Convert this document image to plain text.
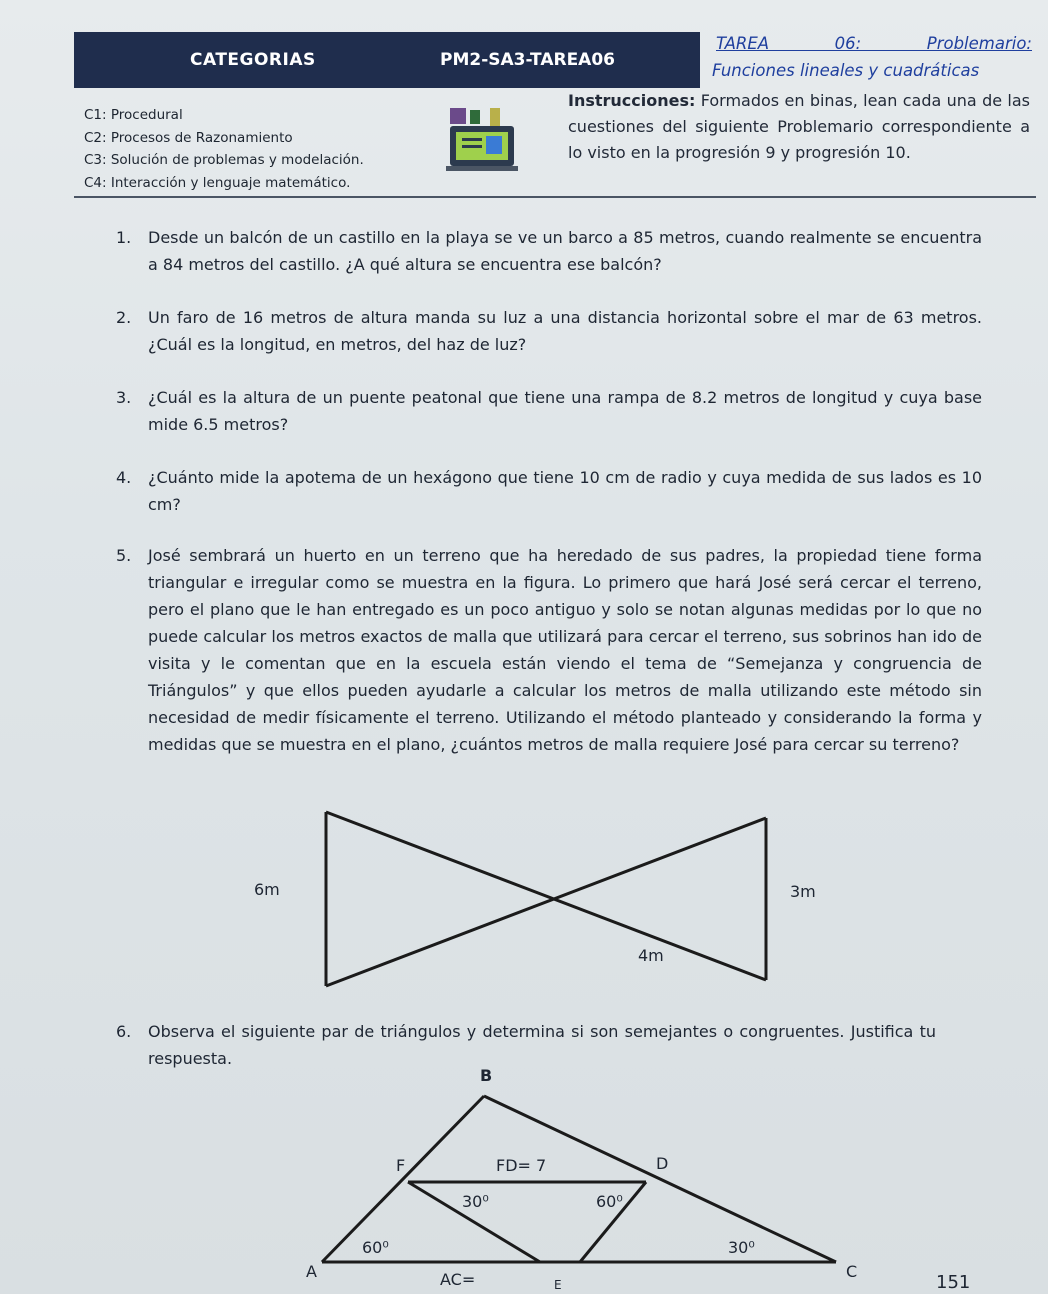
CATEGORIAS	PM2-SA3-TAREA06
TAREA 06: Problemario:
Funciones lineales y cuadráticas
C1: Procedural
C2: Procesos de Razonamiento
C3: Solución de problemas y modelación.
C4: Interacción y lenguaje matemático.
Instrucciones: Formados en binas, lean cada una de las cuestiones del siguiente Problemario correspondiente a lo visto en la progresión 9 y progresión 10.
1. Desde un balcón de un castillo en la playa se ve un barco a 85 metros, cuando realmente se encuentra a 84 metros del castillo. ¿A qué altura se encuentra ese balcón?
2. Un faro de 16 metros de altura manda su luz a una distancia horizontal sobre el mar de 63 metros. ¿Cuál es la longitud, en metros, del haz de luz?
3. ¿Cuál es la altura de un puente peatonal que tiene una rampa de 8.2 metros de longitud y cuya base mide 6.5 metros?
4. ¿Cuánto mide la apotema de un hexágono que tiene 10 cm de radio y cuya medida de sus lados es 10 cm?
5. José sembrará un huerto en un terreno que ha heredado de sus padres, la propiedad tiene forma triangular e irregular como se muestra en la figura. Lo primero que hará José será cercar el terreno, pero el plano que le han entregado es un poco antiguo y solo se notan algunas medidas por lo que no puede calcular los metros exactos de malla que utilizará para cercar el terreno, sus sobrinos han ido de visita y le comentan que en la escuela están viendo el tema de “Semejanza y congruencia de Triángulos” y que ellos pueden ayudarle a calcular los metros de malla utilizando este método sin necesidad de medir físicamente el terreno. Utilizando el método planteado y considerando la forma y medidas que se muestra en el plano, ¿cuántos metros de malla requiere José para cercar su terreno?
6m	3m
4m
6. Observa el siguiente par de triángulos y determina si son semejantes o congruentes. Justifica tu respuesta.
B
F	D
A	C
E
FD= 7
30⁰	60⁰
60⁰	30⁰
AC=	151
